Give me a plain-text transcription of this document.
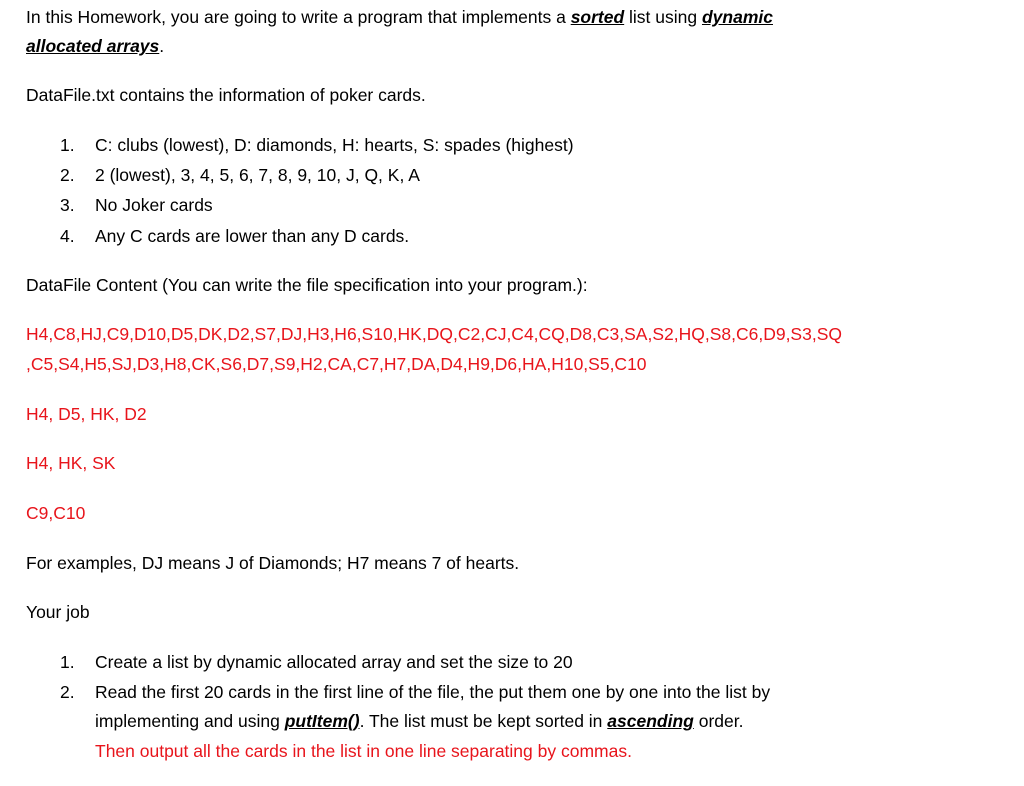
In this Homework, you are going to write a program that implements a sorted list using dynamic

allocated arrays.

DataFile.txt contains the information of poker cards.

1. C: clubs (lowest), D: diamonds, H: hearts, S: spades (highest)
2. 2 (lowest), 3, 4, 5, 6, 7, 8, 9, 10, J, Q, K, A
3. No Joker cards
4. Any C cards are lower than any D cards.

DataFile Content (You can write the file specification into your program.):

H4,C8,HJ,C9,D10,D5,DK,D2,S7,DJ,H3,H6,S10,HK,DQ,C2,CJ,C4,CQ,D8,C3,SA,S2,HQ,S8,C6,D9,S3,SQ

,C5,S4,H5,SJ,D3,H8,CK,S6,D7,S9,H2,CA,C7,H7,DA,D4,H9,D6,HA,H10,S5,C10

H4, D5, HK, D2

H4, HK, SK

C9,C10

For examples, DJ means J of Diamonds; H7 means 7 of hearts.

Your job

1. Create a list by dynamic allocated array and set the size to 20
2. Read the first 20 cards in the first line of the file, the put them one by one into the list by
implementing and using putItem(). The list must be kept sorted in ascending order.
Then output all the cards in the list in one line separating by commas.
